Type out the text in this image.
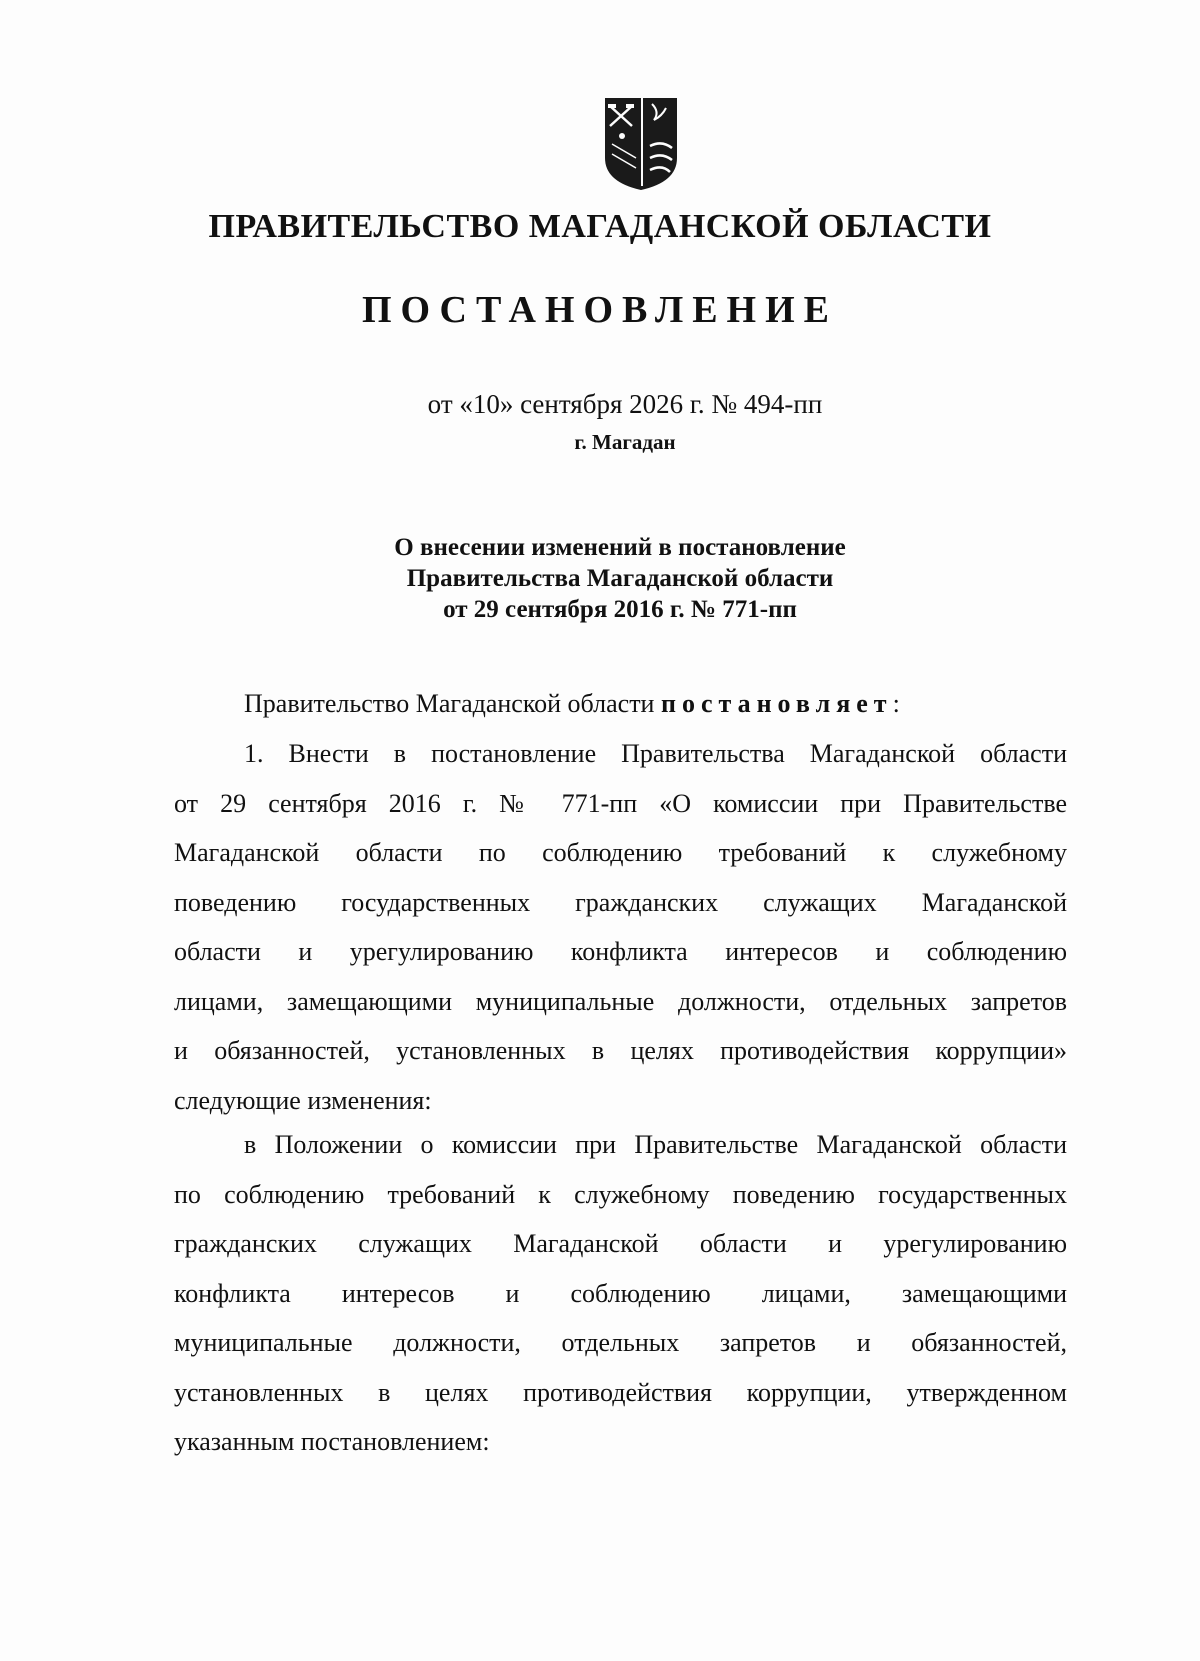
ПРАВИТЕЛЬСТВО МАГАДАНСКОЙ ОБЛАСТИ
ПОСТАНОВЛЕНИЕ
от «10» сентября 2026 г. № 494-пп
г. Магадан
О внесении изменений в постановление
Правительства Магаданской области
от 29 сентября 2016 г. № 771-пп
Правительство Магаданской области постановляет:
1. Внести в постановление Правительства Магаданской области
от 29 сентября 2016 г. № 771-пп «О комиссии при Правительстве
Магаданской области по соблюдению требований к служебному
поведению государственных гражданских служащих Магаданской
области и урегулированию конфликта интересов и соблюдению
лицами, замещающими муниципальные должности, отдельных запретов
и обязанностей, установленных в целях противодействия коррупции»
следующие изменения:
в Положении о комиссии при Правительстве Магаданской области
по соблюдению требований к служебному поведению государственных
гражданских служащих Магаданской области и урегулированию
конфликта интересов и соблюдению лицами, замещающими
муниципальные должности, отдельных запретов и обязанностей,
установленных в целях противодействия коррупции, утвержденном
указанным постановлением:
